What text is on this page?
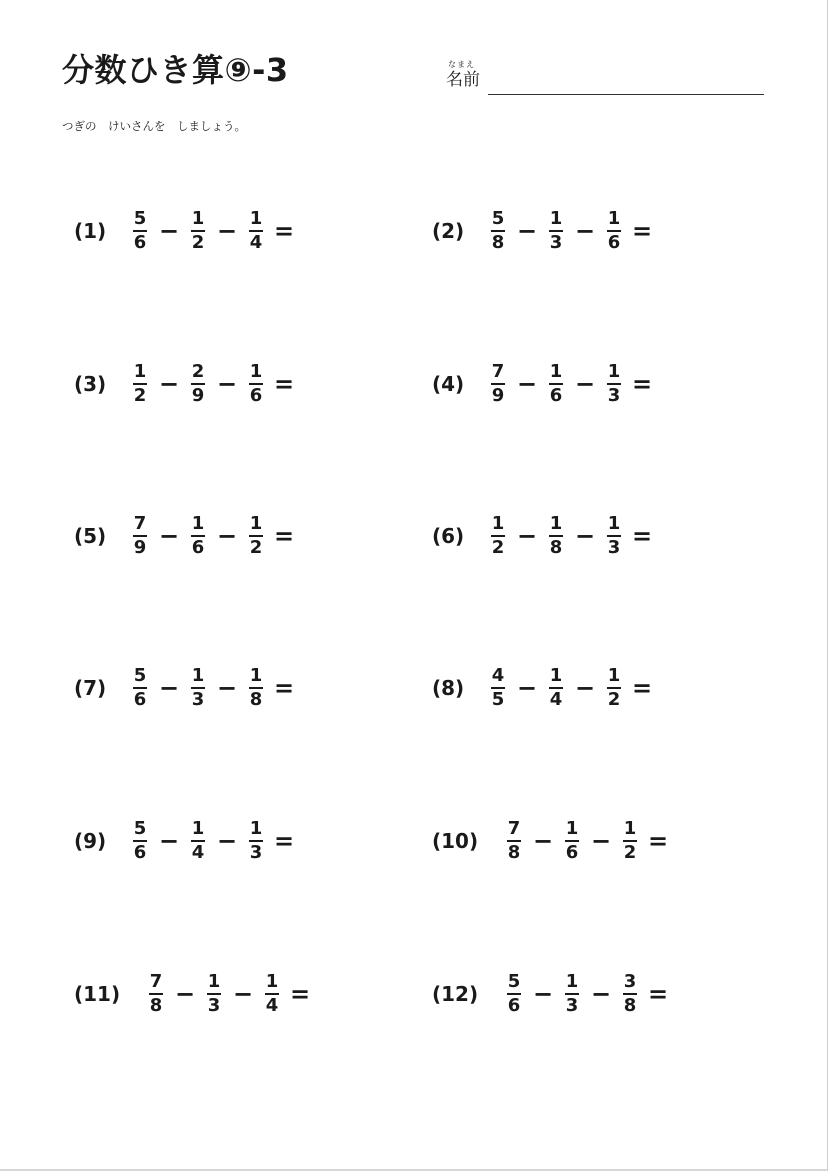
分数ひき算⑨-3	なまえ
名前
つぎの　けいさんを　しましょう。
(1)	$\frac{5}{6} - \frac{1}{2} - \frac{1}{4}$ =	(2)	$\frac{5}{8} - \frac{1}{3} - \frac{1}{6}$ =
(3)	$\frac{1}{2} - \frac{2}{9} - \frac{1}{6}$ =	(4)	$\frac{7}{9} - \frac{1}{6} - \frac{1}{3}$ =
(5)	$\frac{7}{9} - \frac{1}{6} - \frac{1}{2}$ =	(6)	$\frac{1}{2} - \frac{1}{8} - \frac{1}{3}$ =
(7)	$\frac{5}{6} - \frac{1}{3} - \frac{1}{8}$ =	(8)	$\frac{4}{5} - \frac{1}{4} - \frac{1}{2}$ =
(9)	$\frac{5}{6} - \frac{1}{4} - \frac{1}{3}$ =	(10)	$\frac{7}{8} - \frac{1}{6} - \frac{1}{2}$ =
(11)	$\frac{7}{8} - \frac{1}{3} - \frac{1}{4}$ =	(12)	$\frac{5}{6} - \frac{1}{3} - \frac{3}{8}$ =
